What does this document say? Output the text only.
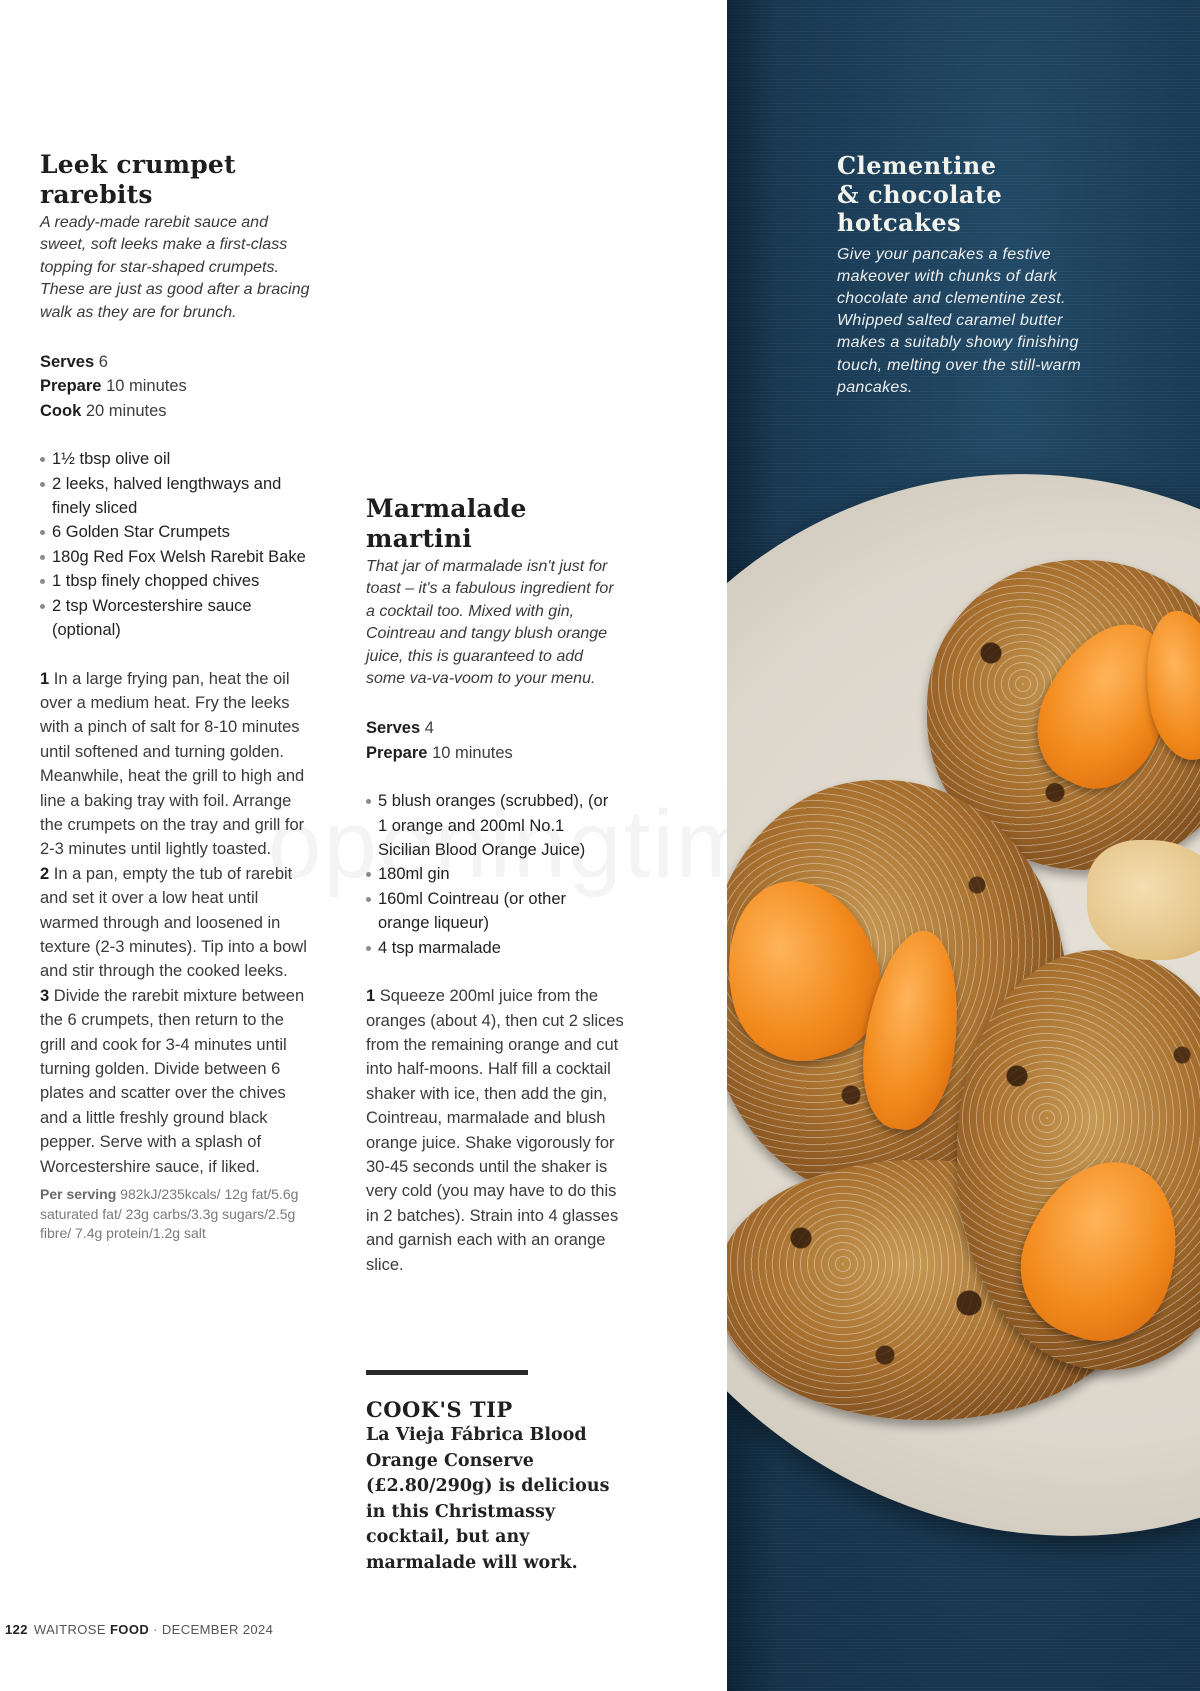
Leek crumpet
rarebits

A ready-made rarebit sauce and sweet, soft leeks make a first-class topping for star-shaped crumpets. These are just as good after a bracing walk as they are for brunch.

Serves 6
Prepare 10 minutes
Cook 20 minutes
1½ tbsp olive oil
2 leeks, halved lengthways and finely sliced
6 Golden Star Crumpets
180g Red Fox Welsh Rarebit Bake
1 tbsp finely chopped chives
2 tsp Worcestershire sauce (optional)

1 In a large frying pan, heat the oil over a medium heat. Fry the leeks with a pinch of salt for 8-10 minutes until softened and turning golden. Meanwhile, heat the grill to high and line a baking tray with foil. Arrange the crumpets on the tray and grill for 2-3 minutes until lightly toasted.

2 In a pan, empty the tub of rarebit and set it over a low heat until warmed through and loosened in texture (2-3 minutes). Tip into a bowl and stir through the cooked leeks.

3 Divide the rarebit mixture between the 6 crumpets, then return to the grill and cook for 3-4 minutes until turning golden. Divide between 6 plates and scatter over the chives and a little freshly ground black pepper. Serve with a splash of Worcestershire sauce, if liked.

Per serving 982kJ/235kcals/ 12g fat/5.6g saturated fat/ 23g carbs/3.3g sugars/2.5g fibre/ 7.4g protein/1.2g salt
Marmalade
martini

That jar of marmalade isn't just for toast – it's a fabulous ingredient for a cocktail too. Mixed with gin, Cointreau and tangy blush orange juice, this is guaranteed to add some va-va-voom to your menu.

Serves 4
Prepare 10 minutes
5 blush oranges (scrubbed), (or 1 orange and 200ml No.1 Sicilian Blood Orange Juice)
180ml gin
160ml Cointreau (or other orange liqueur)
4 tsp marmalade

1 Squeeze 200ml juice from the oranges (about 4), then cut 2 slices from the remaining orange and cut into half-moons. Half fill a cocktail shaker with ice, then add the gin, Cointreau, marmalade and blush orange juice. Shake vigorously for 30-45 seconds until the shaker is very cold (you may have to do this in 2 batches). Strain into 4 glasses and garnish each with an orange slice.

COOK'S TIP
La Vieja Fábrica Blood Orange Conserve (£2.80/290g) is delicious in this Christmassy cocktail, but any marmalade will work.
122 WAITROSE FOOD · DECEMBER 2024
Clementine
& chocolate
hotcakes

Give your pancakes a festive makeover with chunks of dark chocolate and clementine zest. Whipped salted caramel butter makes a suitably showy finishing touch, melting over the still-warm pancakes.
